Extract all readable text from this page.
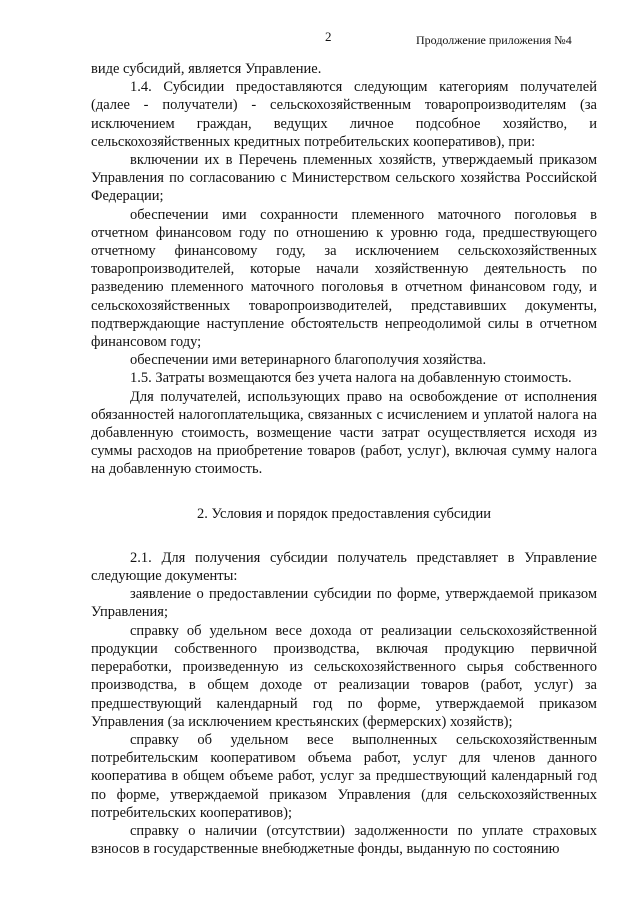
2	Продолжение приложения №4

виде субсидий, является Управление.

1.4. Субсидии предоставляются следующим категориям получателей (далее - получатели) - сельскохозяйственным товаропроизводителям (за исключением граждан, ведущих личное подсобное хозяйство, и сельскохозяйственных кредитных потребительских кооперативов), при:

включении их в Перечень племенных хозяйств, утверждаемый приказом Управления по согласованию с Министерством сельского хозяйства Российской Федерации;

обеспечении ими сохранности племенного маточного поголовья в отчетном финансовом году по отношению к уровню года, предшествующего отчетному финансовому году, за исключением сельскохозяйственных товаропроизводителей, которые начали хозяйственную деятельность по разведению племенного маточного поголовья в отчетном финансовом году, и сельскохозяйственных товаропроизводителей, представивших документы, подтверждающие наступление обстоятельств непреодолимой силы в отчетном финансовом году;

обеспечении ими ветеринарного благополучия хозяйства.

1.5. Затраты возмещаются без учета налога на добавленную стоимость.

Для получателей, использующих право на освобождение от исполнения обязанностей налогоплательщика, связанных с исчислением и уплатой налога на добавленную стоимость, возмещение части затрат осуществляется исходя из суммы расходов на приобретение товаров (работ, услуг), включая сумму налога на добавленную стоимость.

2. Условия и порядок предоставления субсидии

2.1. Для получения субсидии получатель представляет в Управление следующие документы:

заявление о предоставлении субсидии по форме, утверждаемой приказом Управления;

справку об удельном весе дохода от реализации сельскохозяйственной продукции собственного производства, включая продукцию первичной переработки, произведенную из сельскохозяйственного сырья собственного производства, в общем доходе от реализации товаров (работ, услуг) за предшествующий календарный год по форме, утверждаемой приказом Управления (за исключением крестьянских (фермерских) хозяйств);

справку об удельном весе выполненных сельскохозяйственным потребительским кооперативом объема работ, услуг для членов данного кооператива в общем объеме работ, услуг за предшествующий календарный год по форме, утверждаемой приказом Управления (для сельскохозяйственных потребительских кооперативов);

справку о наличии (отсутствии) задолженности по уплате страховых взносов в государственные внебюджетные фонды, выданную по состоянию
